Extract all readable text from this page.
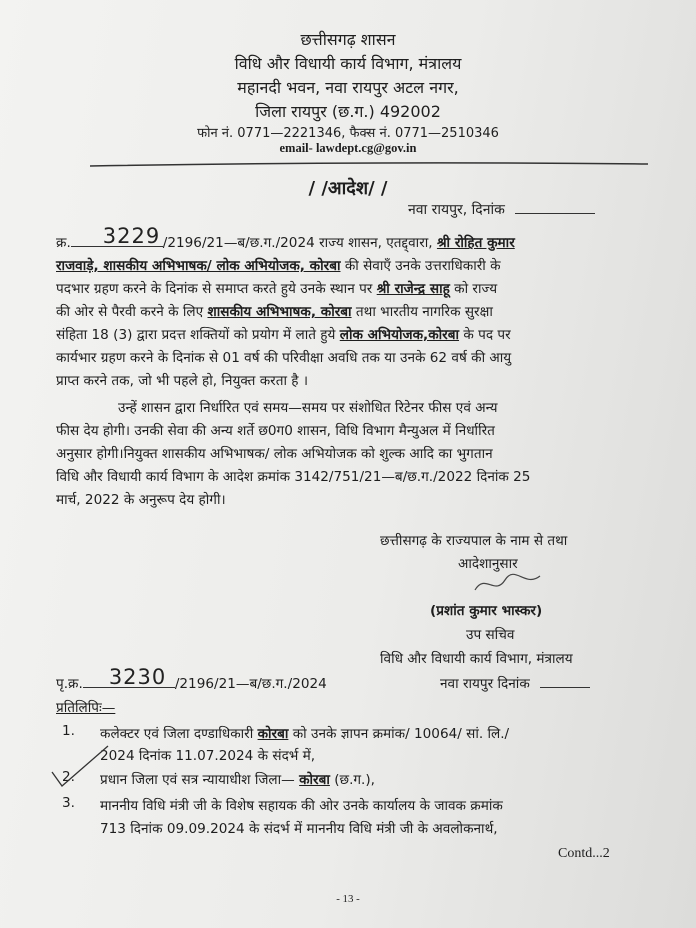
छत्तीसगढ़ शासन
विधि और विधायी कार्य विभाग, मंत्रालय
महानदी भवन, नवा रायपुर अटल नगर,
जिला रायपुर (छ.ग.) 492002
फोन नं. 0771—2221346, फैक्स नं. 0771—2510346
email- lawdept.cg@gov.in
/ /आदेश/ /
नवा रायपुर, दिनांक
क्र. 3229 /2196/21—ब/छ.ग./2024 राज्य शासन, एतद्द्वारा, श्री रोहित कुमार
राजवाड़े, शासकीय अभिभाषक/ लोक अभियोजक, कोरबा की सेवाएँ उनके उत्तराधिकारी के
पदभार ग्रहण करने के दिनांक से समाप्त करते हुये उनके स्थान पर श्री राजेन्द्र साहू को राज्य
की ओर से पैरवी करने के लिए शासकीय अभिभाषक, कोरबा तथा भारतीय नागरिक सुरक्षा
संहिता 18 (3) द्वारा प्रदत्त शक्तियों को प्रयोग में लाते हुये लोक अभियोजक,कोरबा के पद पर
कार्यभार ग्रहण करने के दिनांक से 01 वर्ष की परिवीक्षा अवधि तक या उनके 62 वर्ष की आयु
प्राप्त करने तक, जो भी पहले हो, नियुक्त करता है ।
उन्हें शासन द्वारा निर्धारित एवं समय—समय पर संशोधित रिटेनर फीस एवं अन्य
फीस देय होगी। उनकी सेवा की अन्य शर्ते छ0ग0 शासन, विधि विभाग मैन्युअल में निर्धारित
अनुसार होगी।नियुक्त शासकीय अभिभाषक/ लोक अभियोजक को शुल्क आदि का भुगतान
विधि और विधायी कार्य विभाग के आदेश क्रमांक 3142/751/21—ब/छ.ग./2022 दिनांक 25
मार्च, 2022 के अनुरूप देय होगी।
छत्तीसगढ़ के राज्यपाल के नाम से तथा
आदेशानुसार
(प्रशांत कुमार भास्कर)
उप सचिव
विधि और विधायी कार्य विभाग, मंत्रालय
पृ.क्र. 3230 /2196/21—ब/छ.ग./2024	नवा रायपुर दिनांक
प्रतिलिपिः—
1. कलेक्टर एवं जिला दण्डाधिकारी कोरबा को उनके ज्ञापन क्रमांक/ 10064/ सां. लि./
2024 दिनांक 11.07.2024 के संदर्भ में,
2. प्रधान जिला एवं सत्र न्यायाधीश जिला— कोरबा (छ.ग.),
3. माननीय विधि मंत्री जी के विशेष सहायक की ओर उनके कार्यालय के जावक क्रमांक
713 दिनांक 09.09.2024 के संदर्भ में माननीय विधि मंत्री जी के अवलोकनार्थ,
Contd...2
- 13 -
